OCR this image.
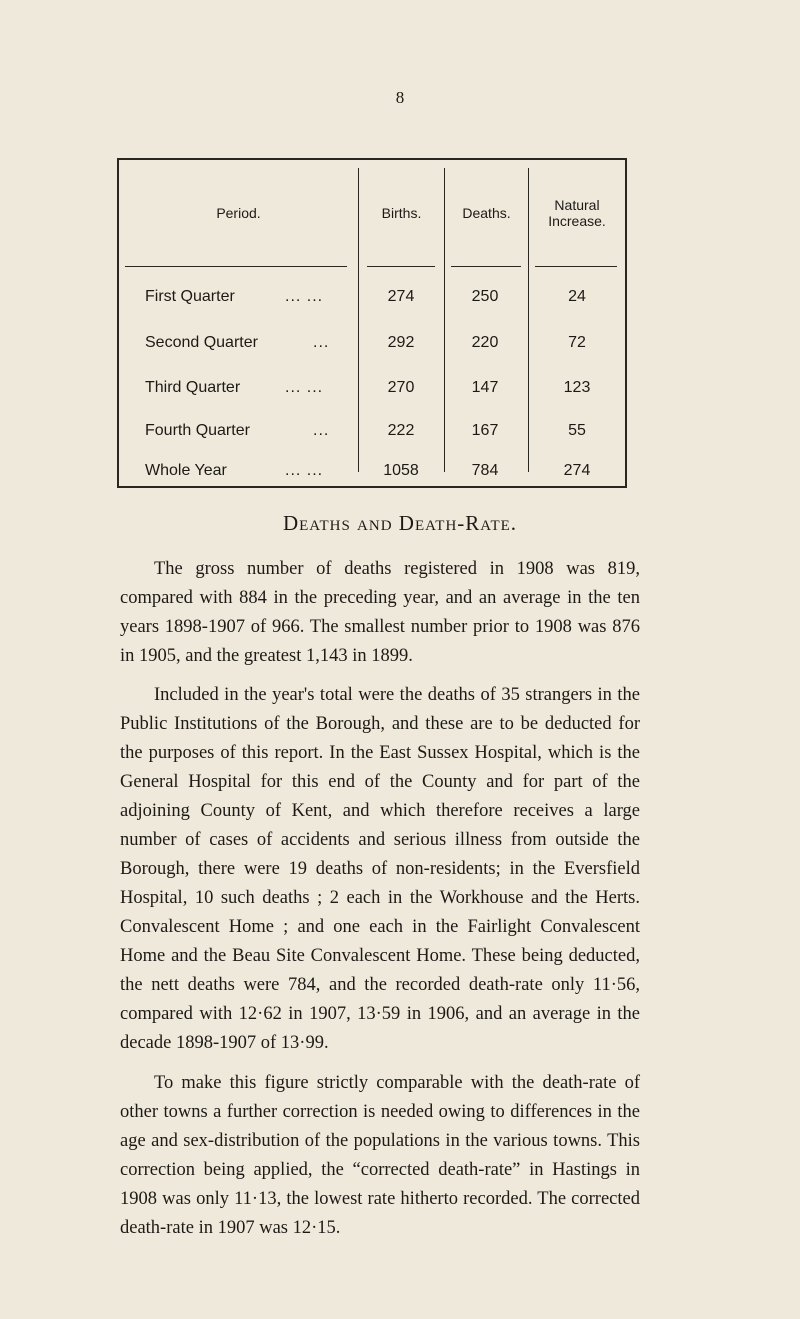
8
Period.	Births.	Deaths.	Natural Increase.
First Quarter	... ...	274	250	24
Second Quarter	...	292	220	72
Third Quarter	... ...	270	147	123
Fourth Quarter	...	222	167	55
Whole Year	... ...	1058	784	274
Deaths and Death-Rate.

The gross number of deaths registered in 1908 was 819, compared with 884 in the preceding year, and an average in the ten years 1898-1907 of 966. The smallest number prior to 1908 was 876 in 1905, and the greatest 1,143 in 1899.

Included in the year's total were the deaths of 35 strangers in the Public Institutions of the Borough, and these are to be deducted for the purposes of this report. In the East Sussex Hospital, which is the General Hospital for this end of the County and for part of the adjoining County of Kent, and which therefore receives a large number of cases of accidents and serious illness from outside the Borough, there were 19 deaths of non-residents; in the Eversfield Hospital, 10 such deaths ; 2 each in the Workhouse and the Herts. Convalescent Home ; and one each in the Fairlight Convalescent Home and the Beau Site Convalescent Home. These being deducted, the nett deaths were 784, and the recorded death-rate only 11·56, compared with 12·62 in 1907, 13·59 in 1906, and an average in the decade 1898-1907 of 13·99.

To make this figure strictly comparable with the death-rate of other towns a further correction is needed owing to differences in the age and sex-distribution of the populations in the various towns. This correction being applied, the “corrected death-rate” in Hastings in 1908 was only 11·13, the lowest rate hitherto recorded. The corrected death-rate in 1907 was 12·15.
